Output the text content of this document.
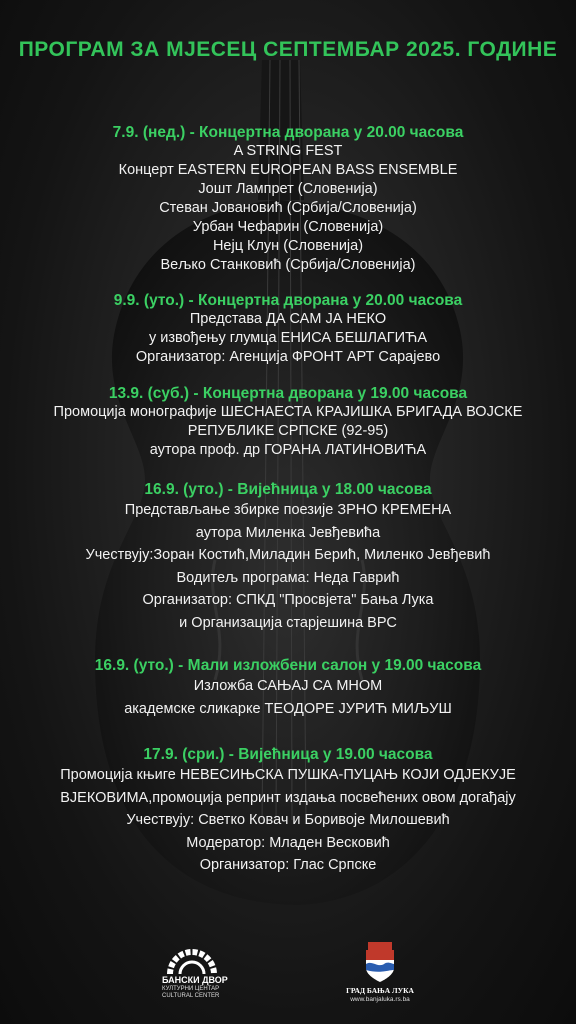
ПРОГРАМ ЗА МЈЕСЕЦ СЕПТЕМБАР 2025. ГОДИНЕ
7.9. (нед.) - Концертна дворана у 20.00 часова
A STRING FEST
Концерт EASTERN EUROPEAN BASS ENSEMBLE
Јошт Лампрет (Словенија)
Стеван Јовановић (Србија/Словенија)
Урбан Чефарин (Словенија)
Нејц Клун (Словенија)
Вељко Станковић (Србија/Словенија)
9.9. (уто.) - Концертна дворана у 20.00 часова
Представа ДА САМ ЈА НЕКО
у извођењу глумца ЕНИСА БЕШЛАГИЋА
Организатор: Агенција ФРОНТ АРТ Сарајево
13.9. (суб.) - Концертна дворана у 19.00 часова
Промоција монографије ШЕСНАЕСТА КРАЈИШКА БРИГАДА ВОЈСКЕ
РЕПУБЛИКЕ СРПСКЕ (92-95)
аутора проф. др ГОРАНА ЛАТИНОВИЋА
16.9. (уто.) - Вијећница у 18.00 часова
Представљање збирке поезије ЗРНО КРЕМЕНА
аутора Миленка Јевђевића
Учествују:Зоран Костић,Миладин Берић, Миленко Јевђевић
Водитељ програма: Неда Гаврић
Организатор: СПКД "Просвјета" Бања Лука
и Организација старјешина ВРС
16.9. (уто.) - Мали изложбени салон у 19.00 часова
Изложба САЊАЈ СА МНОМ
академске сликарке ТЕОДОРЕ ЈУРИЋ МИЉУШ
17.9. (сри.) - Вијећница у 19.00 часова
Промоција књиге НЕВЕСИЊСКА ПУШКА-ПУЦАЊ КОЈИ ОДЈЕКУЈЕ
ВЈЕКОВИМА,промоција репринт издања посвећених овом догађају
Учествују: Светко Ковач и Боривоје Милошевић
Модератор: Младен Весковић
Организатор: Глас Српске
БАНСКИ ДВОР
КУЛТУРНИ ЦЕНТАР
CULTURAL CENTER
ГРАД БАЊА ЛУКА
www.banjaluka.rs.ba
